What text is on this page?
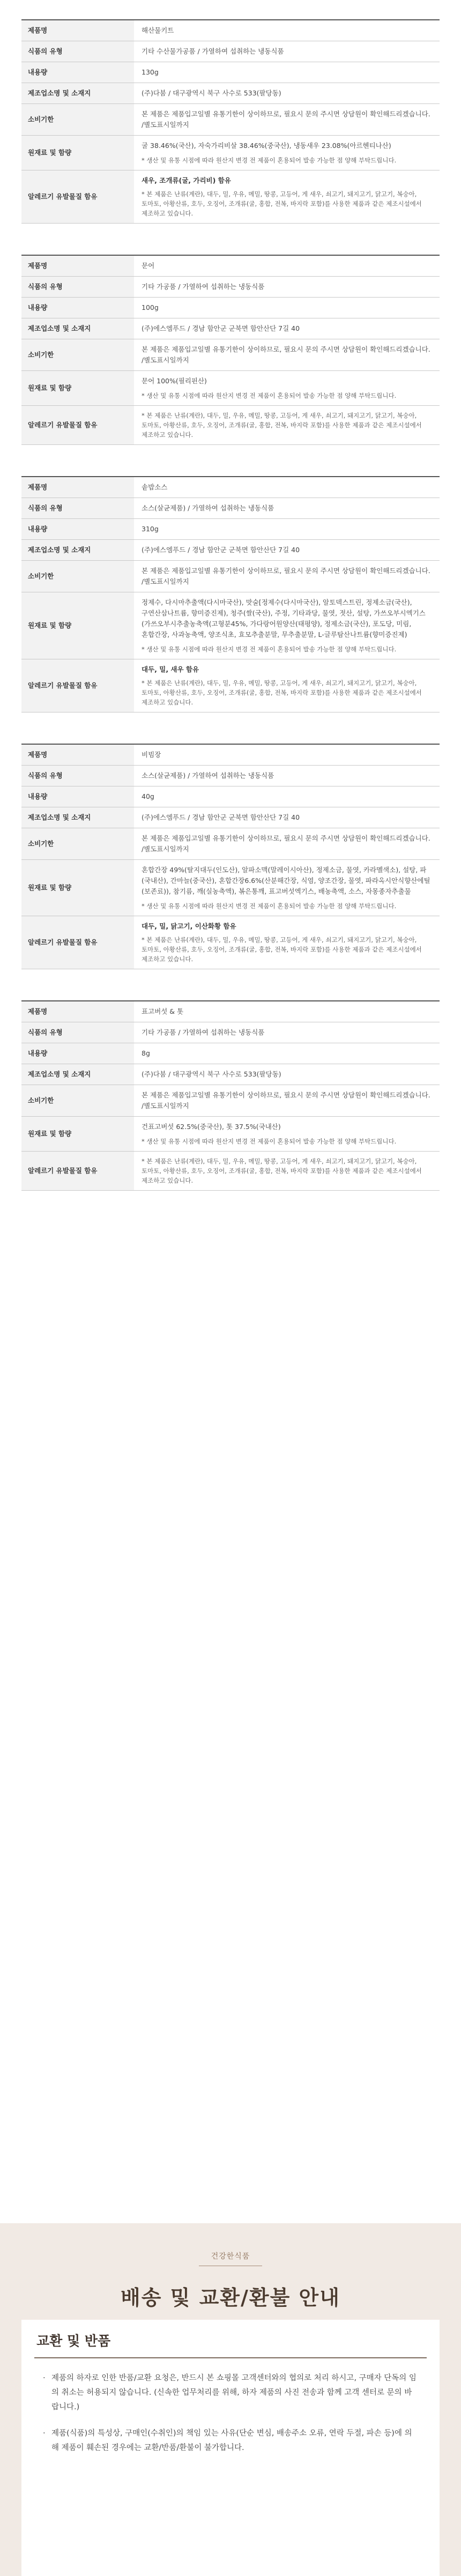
제품명	해산물키트
식품의 유형	기타 수산물가공품 / 가열하여 섭취하는 냉동식품
내용량	130g
제조업소명 및 소재지	(주)다붐 / 대구광역시 북구 사수로 533(팔당동)
소비기한	본 제품은 제품입고일별 유통기한이 상이하므로, 필요시 문의 주시면 상담원이 확인해드리겠습니다. /별도표시일까지
원재료 및 함량	굴 38.46%(국산), 자숙가리비살 38.46%(중국산), 냉동새우 23.08%(아르헨티나산)
* 생산 및 유통 시점에 따라 원산지 변경 전 제품이 혼용되어 발송 가능한 점 양해 부탁드립니다.

알레르기 유발물질 함유	새우, 조개류(굴, 가리비) 함유
* 본 제품은 난류(계란), 대두, 밀, 우유, 메밀, 땅콩, 고등어, 게 새우, 쇠고기, 돼지고기, 닭고기, 복숭아, 토마토, 아황산류, 호두, 오징어, 조개류(굴, 홍합, 전복, 바지락 포함)를 사용한 제품과 같은 제조시설에서 제조하고 있습니다.
제품명	문어
식품의 유형	기타 가공품 / 가열하여 섭취하는 냉동식품
내용량	100g
제조업소명 및 소재지	(주)에스엠푸드 / 경남 함안군 군북면 함안산단 7길 40
소비기한	본 제품은 제품입고일별 유통기한이 상이하므로, 필요시 문의 주시면 상담원이 확인해드리겠습니다. /별도표시일까지
원재료 및 함량	문어 100%(필리핀산)
* 생산 및 유통 시점에 따라 원산지 변경 전 제품이 혼용되어 발송 가능한 점 양해 부탁드립니다.

알레르기 유발물질 함유	* 본 제품은 난류(계란), 대두, 밀, 우유, 메밀, 땅콩, 고등어, 게 새우, 쇠고기, 돼지고기, 닭고기, 복숭아, 토마토, 아황산류, 호두, 오징어, 조개류(굴, 홍합, 전복, 바지락 포함)를 사용한 제품과 같은 제조시설에서 제조하고 있습니다.
제품명	솥밥소스
식품의 유형	소스(살균제품) / 가열하여 섭취하는 냉동식품
내용량	310g
제조업소명 및 소재지	(주)에스엠푸드 / 경남 함안군 군북면 함안산단 7길 40
소비기한	본 제품은 제품입고일별 유통기한이 상이하므로, 필요시 문의 주시면 상담원이 확인해드리겠습니다. /별도표시일까지
원재료 및 함량	정제수, 다시마추출액(다시마국산), 맛술[정제수(다시마국산), 알토덱스트린, 정제소금(국산), 구연산삼나트륨, 향미증진제), 청주(쌀(국산), 주정, 기타과당, 물엿, 젓산, 설탕, 가쓰오부시엑기스(가쓰오부시추출농축액(고형분45%, 가다랑어원양산(태평양), 정제소금(국산), 포도당, 미림, 혼합간장, 사과농축액, 양조식초, 효모추출분말, 무추출분말, L-글루탐산나트륨(향미증진제)
* 생산 및 유통 시점에 따라 원산지 변경 전 제품이 혼용되어 발송 가능한 점 양해 부탁드립니다.

알레르기 유발물질 함유	대두, 밀, 새우 함유
* 본 제품은 난류(계란), 대두, 밀, 우유, 메밀, 땅콩, 고등어, 게 새우, 쇠고기, 돼지고기, 닭고기, 복숭아, 토마토, 아황산류, 호두, 오징어, 조개류(굴, 홍합, 전복, 바지락 포함)를 사용한 제품과 같은 제조시설에서 제조하고 있습니다.
제품명	비빔장
식품의 유형	소스(살균제품) / 가열하여 섭취하는 냉동식품
내용량	40g
제조업소명 및 소재지	(주)에스엠푸드 / 경남 함안군 군북면 함안산단 7길 40
소비기한	본 제품은 제품입고일별 유통기한이 상이하므로, 필요시 문의 주시면 상담원이 확인해드리겠습니다. /별도표시일까지
원재료 및 함량	혼합간장 49%(탈지대두(인도산), 알파소맥(말레이시아산), 정제소금, 물엿, 카라멜색소), 설탕, 파(국내산), 간마늘(중국산), 혼합간장6.6%(산분해간장, 식염, 양조간장, 물엿, 파라옥시안식향산에틸(보존료)), 참기름, 깨(실농축액), 볶은통깨, 표고버섯엑기스, 배농축액, 소스, 자몽종자추출물
* 생산 및 유통 시점에 따라 원산지 변경 전 제품이 혼용되어 발송 가능한 점 양해 부탁드립니다.

알레르기 유발물질 함유	대두, 밀, 닭고기, 이산화황 함유
* 본 제품은 난류(계란), 대두, 밀, 우유, 메밀, 땅콩, 고등어, 게 새우, 쇠고기, 돼지고기, 닭고기, 복숭아, 토마토, 아황산류, 호두, 오징어, 조개류(굴, 홍합, 전복, 바지락 포함)를 사용한 제품과 같은 제조시설에서 제조하고 있습니다.
제품명	표고버섯 & 톳
식품의 유형	기타 가공품 / 가열하여 섭취하는 냉동식품
내용량	8g
제조업소명 및 소재지	(주)다붐 / 대구광역시 북구 사수로 533(팔당동)
소비기한	본 제품은 제품입고일별 유통기한이 상이하므로, 필요시 문의 주시면 상담원이 확인해드리겠습니다. /별도표시일까지
원재료 및 함량	건표고버섯 62.5%(중국산), 톳 37.5%(국내산)
* 생산 및 유통 시점에 따라 원산지 변경 전 제품이 혼용되어 발송 가능한 점 양해 부탁드립니다.

알레르기 유발물질 함유	* 본 제품은 난류(계란), 대두, 밀, 우유, 메밀, 땅콩, 고등어, 게 새우, 쇠고기, 돼지고기, 닭고기, 복숭아, 토마토, 아황산류, 호두, 오징어, 조개류(굴, 홍합, 전복, 바지락 포함)를 사용한 제품과 같은 제조시설에서 제조하고 있습니다.
건강한식품
배송 및 교환/환불 안내
교환 및 반품
· 제품의 하자로 인한 반품/교환 요청은, 반드시 본 쇼핑몰 고객센터와의 협의로 처리 하시고, 구매자 단독의 임의 취소는 허용되지 않습니다. (신속한 업무처리를 위해, 하자 제품의 사진 전송과 함께 고객 센터로 문의 바랍니다.)
· 제품(식품)의 특성상, 구매인(수취인)의 책임 있는 사유(단순 변심, 배송주소 오류, 연락 두절, 파손 등)에 의해 제품이 훼손된 경우에는 교환/반품/환불이 불가합니다.
